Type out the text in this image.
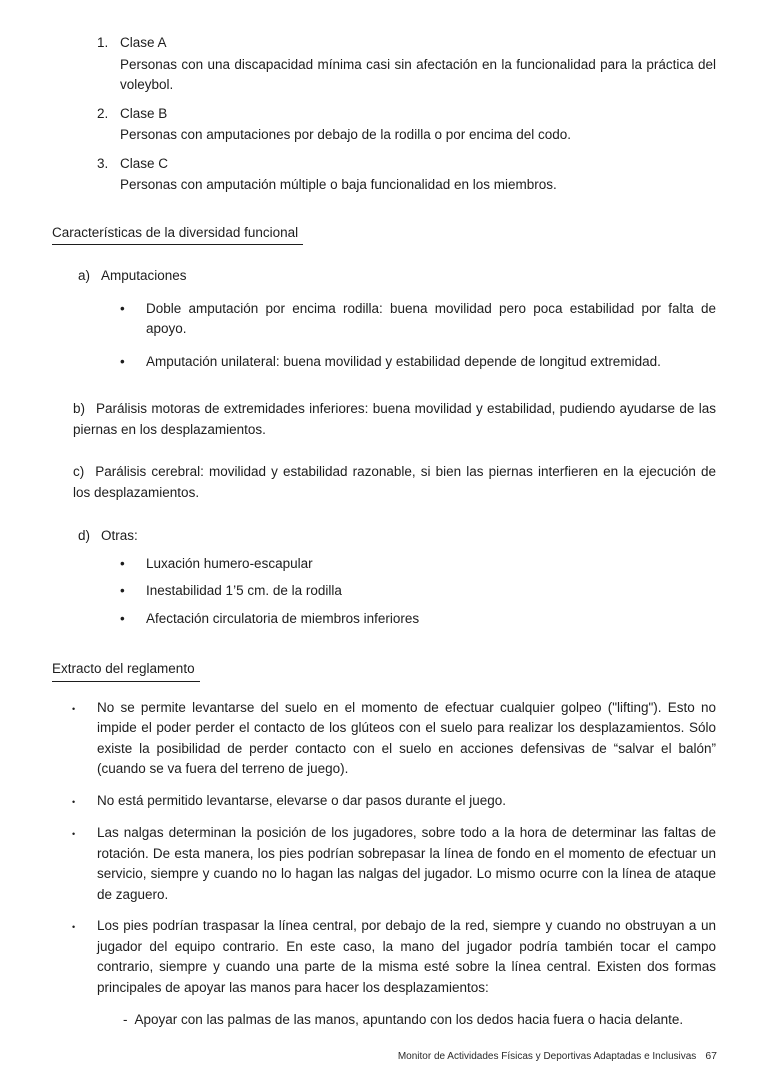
1. Clase A

Personas con una discapacidad mínima casi sin afectación en la funcionalidad para la práctica del voleybol.

2. Clase B

Personas con amputaciones por debajo de la rodilla o por encima del codo.

3. Clase C

Personas con amputación múltiple o baja funcionalidad en los miembros.

Características de la diversidad funcional
a) Amputaciones
•
Doble amputación por encima rodilla: buena movilidad pero poca estabilidad por falta de apoyo.
•
Amputación unilateral: buena movilidad y estabilidad depende de longitud extremidad.

b) Parálisis motoras de extremidades inferiores: buena movilidad y estabilidad, pudiendo ayudarse de las piernas en los desplazamientos.

c) Parálisis cerebral: movilidad y estabilidad razonable, si bien las piernas interfieren en la ejecución de los desplazamientos.

d) Otras:
•
Luxación humero-escapular
•
Inestabilidad 1’5 cm. de la rodilla
•
Afectación circulatoria de miembros inferiores
Extracto del reglamento
•
No se permite levantarse del suelo en el momento de efectuar cualquier golpeo ("lifting"). Esto no impide el poder perder el contacto de los glúteos con el suelo para realizar los desplazamientos. Sólo existe la posibilidad de perder contacto con el suelo en acciones defensivas de “salvar el balón” (cuando se va fuera del terreno de juego).
•
No está permitido levantarse, elevarse o dar pasos durante el juego.
•
Las nalgas determinan la posición de los jugadores, sobre todo a la hora de determinar las faltas de rotación. De esta manera, los pies podrían sobrepasar la línea de fondo en el momento de efectuar un servicio, siempre y cuando no lo hagan las nalgas del jugador. Lo mismo ocurre con la línea de ataque de zaguero.
•
Los pies podrían traspasar la línea central, por debajo de la red, siempre y cuando no obstruyan a un jugador del equipo contrario. En este caso, la mano del jugador podría también tocar el campo contrario, siempre y cuando una parte de la misma esté sobre la línea central. Existen dos formas principales de apoyar las manos para hacer los desplazamientos:

- Apoyar con las palmas de las manos, apuntando con los dedos hacia fuera o hacia delante.

Monitor de Actividades Físicas y Deportivas Adaptadas e Inclusivas 67
